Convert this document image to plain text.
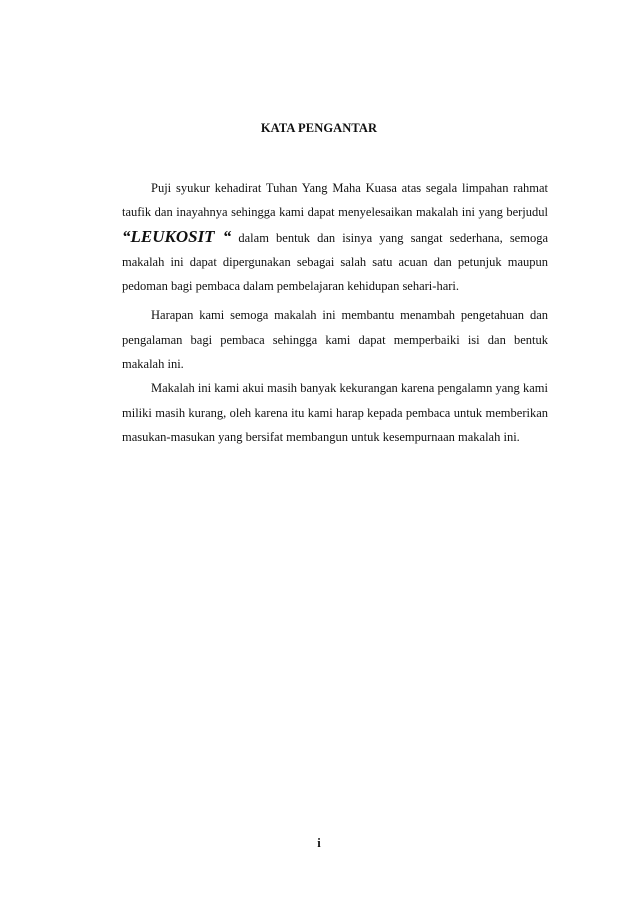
KATA PENGANTAR

Puji syukur kehadirat Tuhan Yang Maha Kuasa atas segala limpahan rahmat taufik dan inayahnya sehingga kami dapat menyelesaikan makalah ini yang berjudul “LEUKOSIT “ dalam bentuk dan isinya yang sangat sederhana, semoga makalah ini dapat dipergunakan sebagai salah satu acuan dan petunjuk maupun pedoman bagi pembaca dalam pembelajaran kehidupan sehari-hari.

Harapan kami semoga makalah ini membantu menambah pengetahuan dan pengalaman bagi pembaca sehingga kami dapat memperbaiki isi dan bentuk makalah ini.

Makalah ini kami akui masih banyak kekurangan karena pengalamn yang kami miliki masih kurang, oleh karena itu kami harap kepada pembaca untuk memberikan masukan-masukan yang bersifat membangun untuk kesempurnaan makalah ini.

i
